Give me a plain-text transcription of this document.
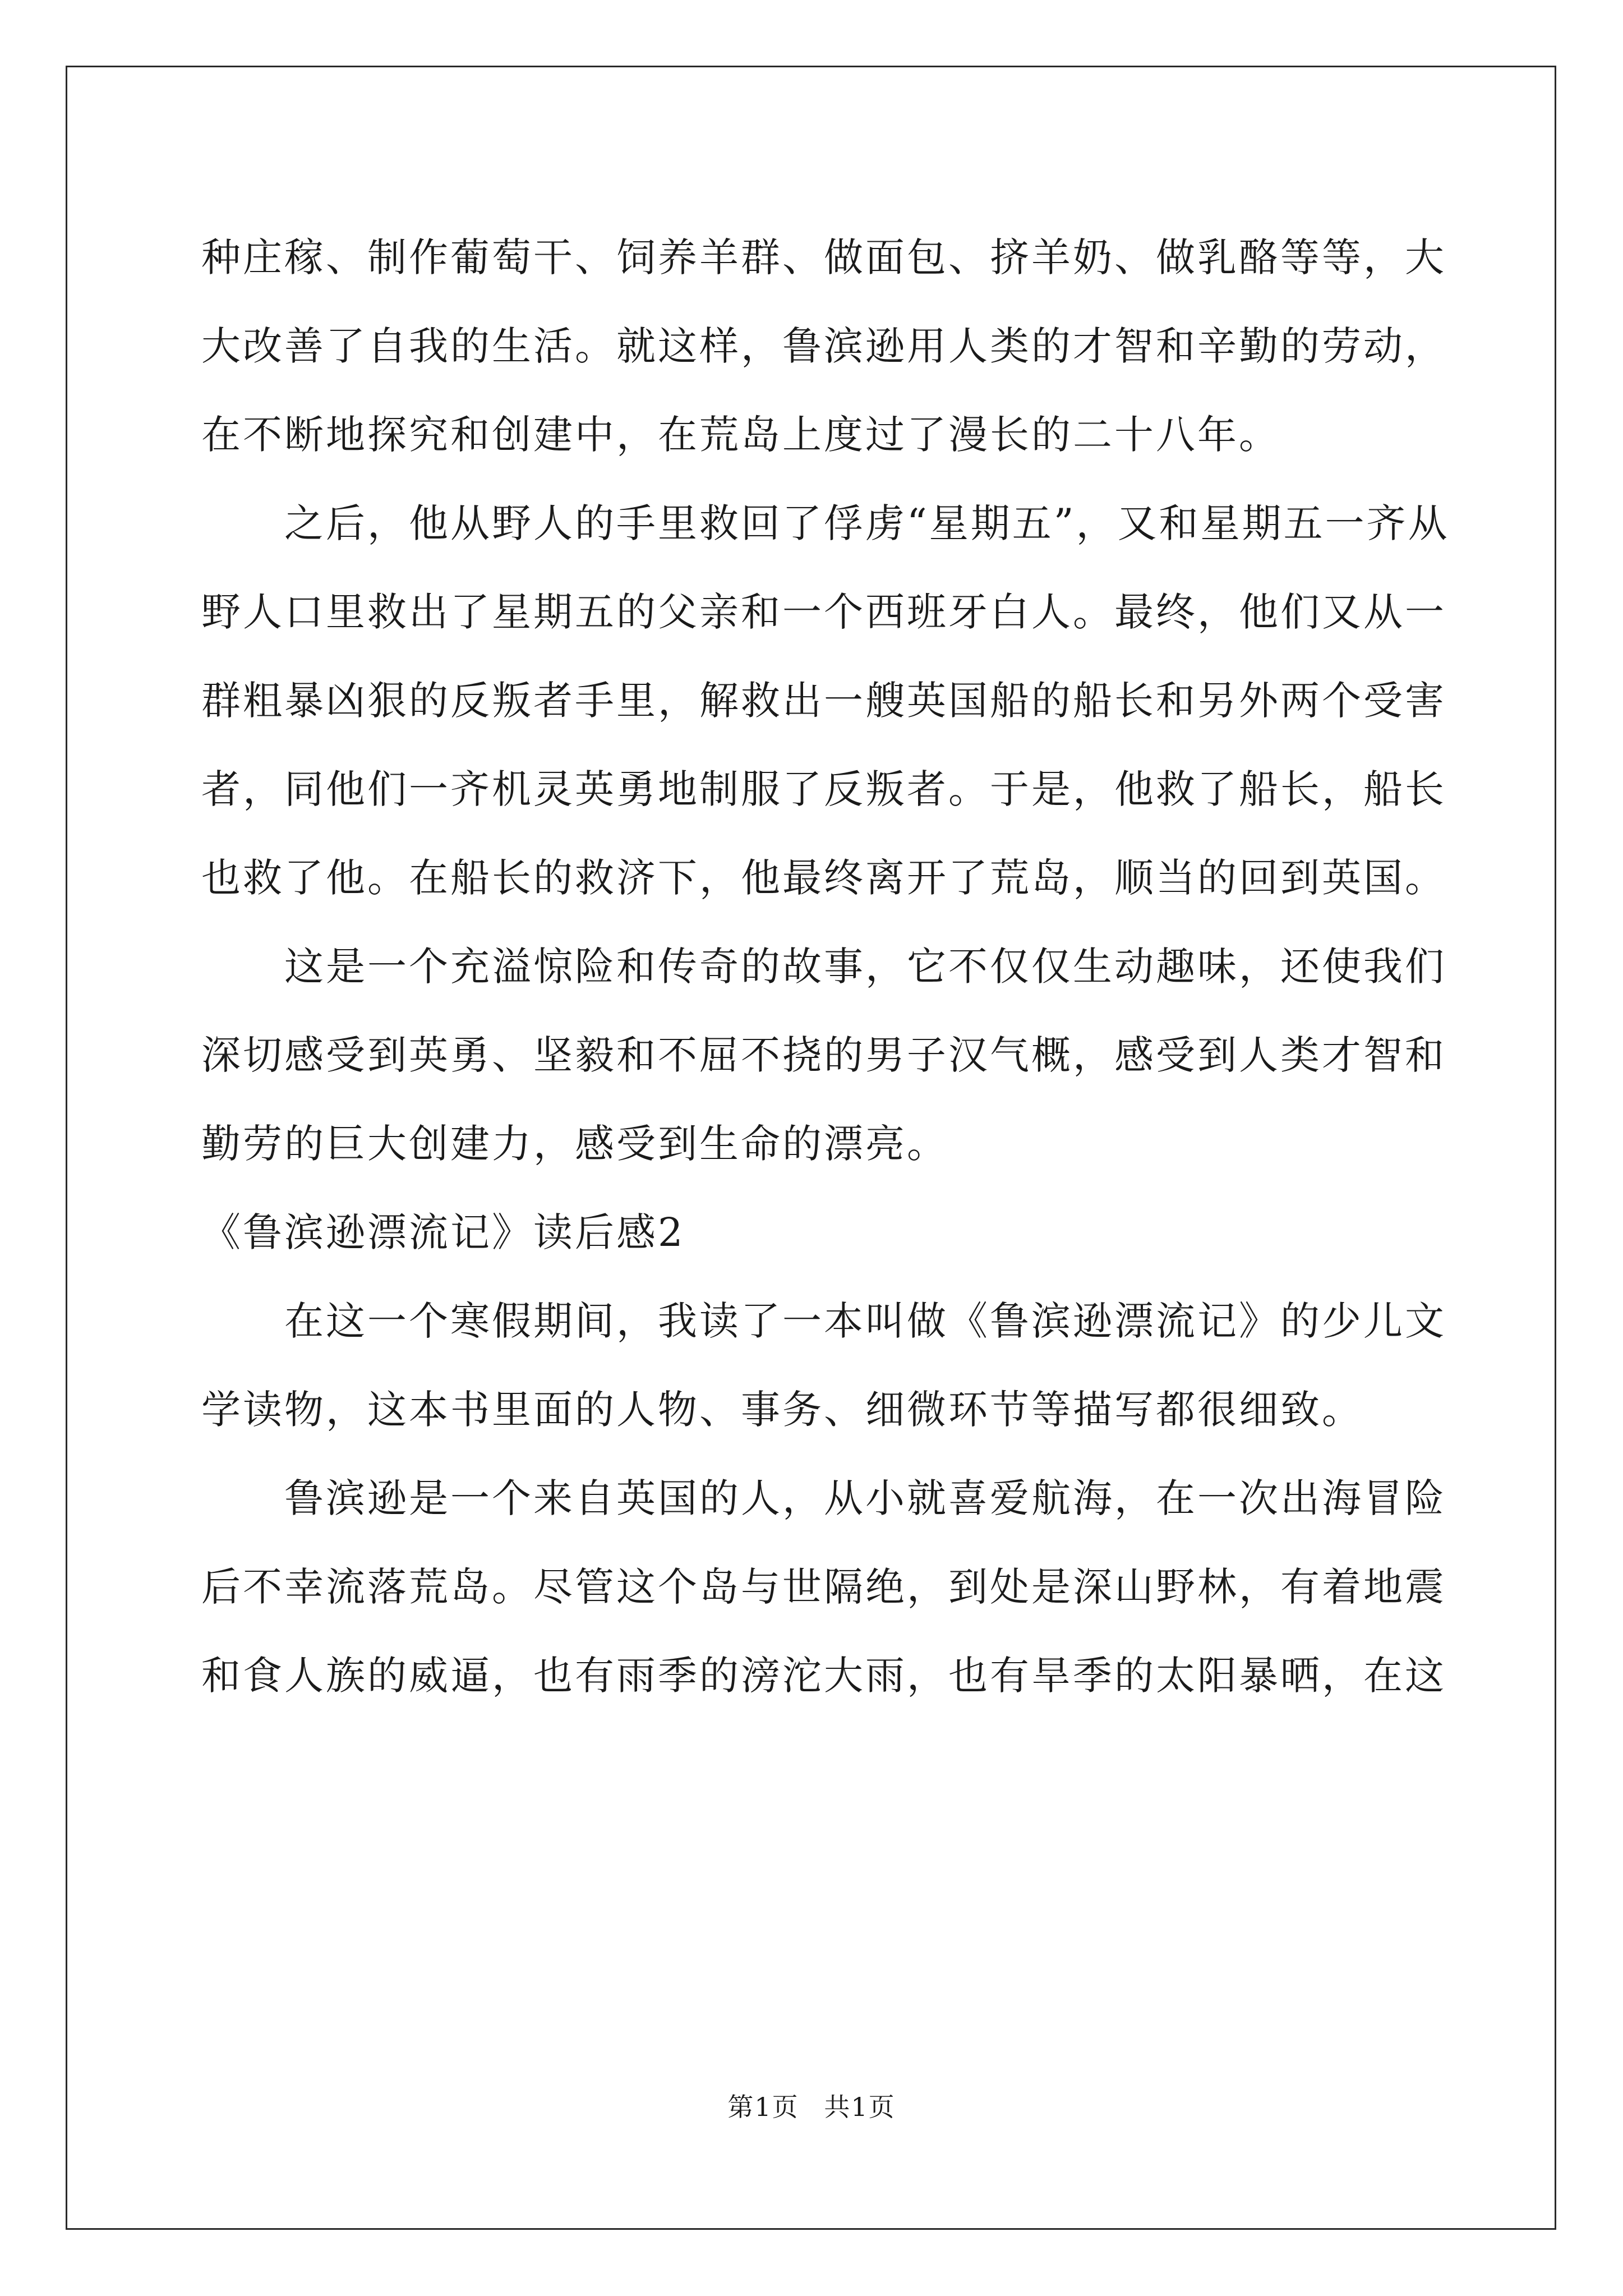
种庄稼、制作葡萄干、饲养羊群、做面包、挤羊奶、做乳酪等等，大
大改善了自我的生活。就这样，鲁滨逊用人类的才智和辛勤的劳动，
在不断地探究和创建中，在荒岛上度过了漫长的二十八年。
之后，他从野人的手里救回了俘虏“星期五”，又和星期五一齐从
野人口里救出了星期五的父亲和一个西班牙白人。最终，他们又从一
群粗暴凶狠的反叛者手里，解救出一艘英国船的船长和另外两个受害
者，同他们一齐机灵英勇地制服了反叛者。于是，他救了船长，船长
也救了他。在船长的救济下，他最终离开了荒岛，顺当的回到英国。
这是一个充溢惊险和传奇的故事，它不仅仅生动趣味，还使我们
深切感受到英勇、坚毅和不屈不挠的男子汉气概，感受到人类才智和
勤劳的巨大创建力，感受到生命的漂亮。
《鲁滨逊漂流记》读后感2
在这一个寒假期间，我读了一本叫做《鲁滨逊漂流记》的少儿文
学读物，这本书里面的人物、事务、细微环节等描写都很细致。
鲁滨逊是一个来自英国的人，从小就喜爱航海，在一次出海冒险
后不幸流落荒岛。尽管这个岛与世隔绝，到处是深山野林，有着地震
和食人族的威逼，也有雨季的滂沱大雨，也有旱季的太阳暴晒，在这
第1页 共1页
